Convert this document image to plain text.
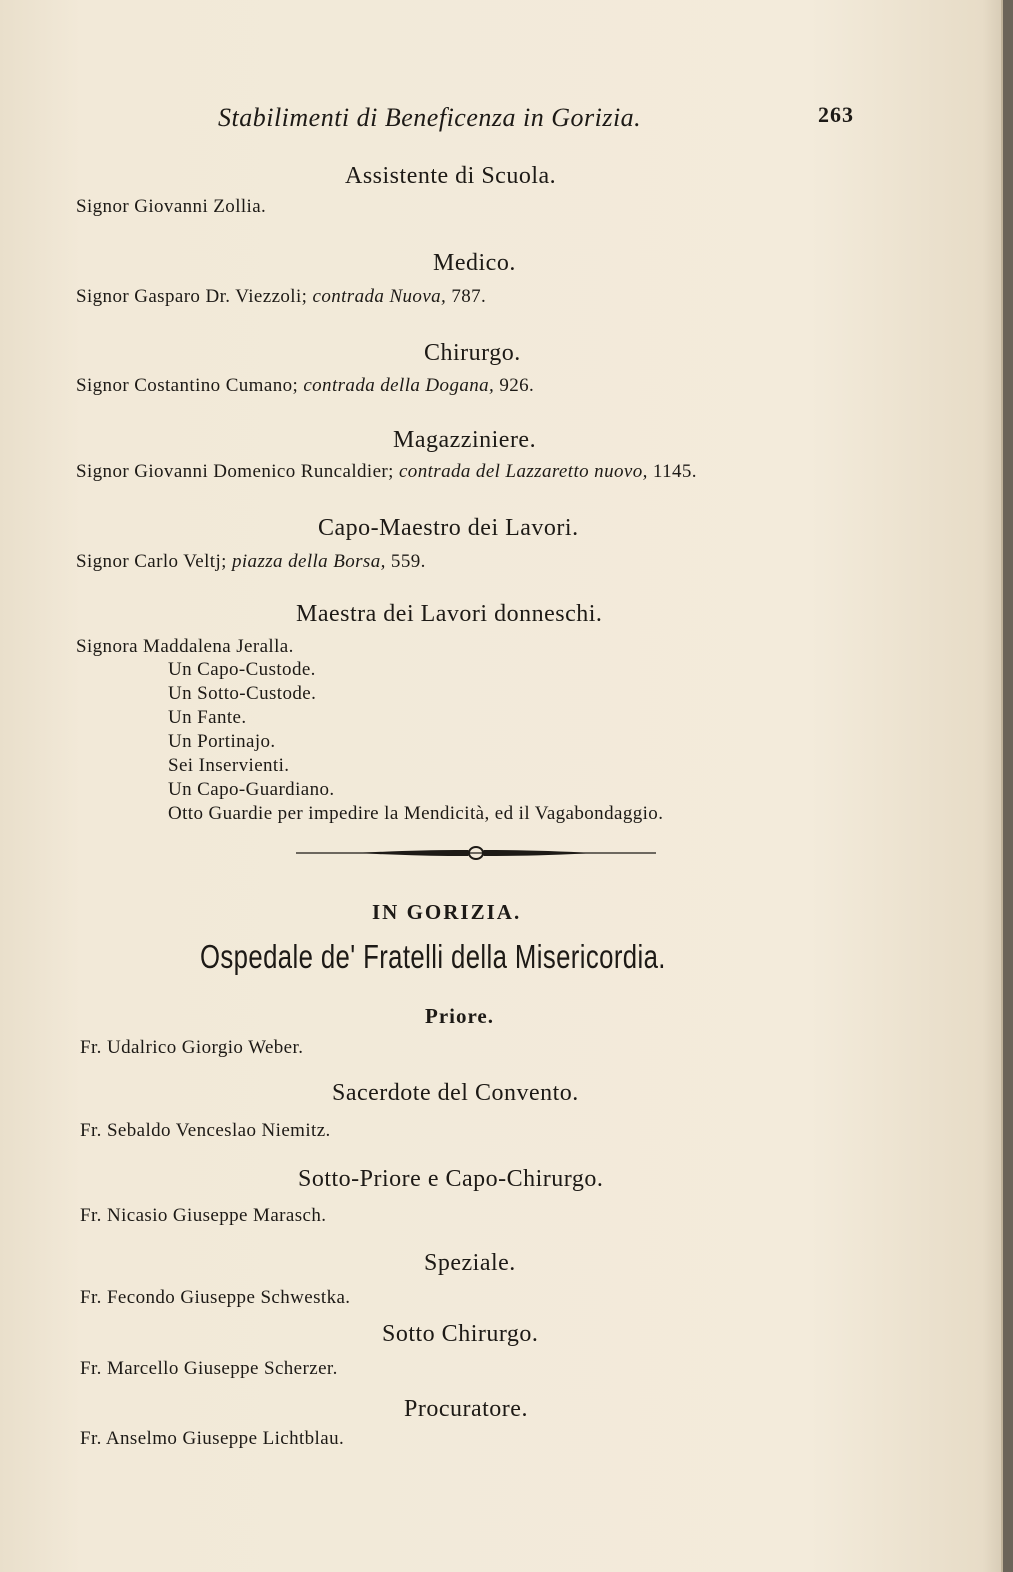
Stabilimenti di Beneficenza in Gorizia.	263
Assistente di Scuola.
Signor Giovanni Zollia.
Medico.
Signor Gasparo Dr. Viezzoli; contrada Nuova, 787.
Chirurgo.
Signor Costantino Cumano; contrada della Dogana, 926.
Magazziniere.
Signor Giovanni Domenico Runcaldier; contrada del Lazzaretto nuovo, 1145.
Capo-Maestro dei Lavori.
Signor Carlo Veltj; piazza della Borsa, 559.
Maestra dei Lavori donneschi.
Signora Maddalena Jeralla.
Un Capo-Custode.
Un Sotto-Custode.
Un Fante.
Un Portinajo.
Sei Inservienti.
Un Capo-Guardiano.
Otto Guardie per impedire la Mendicità, ed il Vagabondaggio.
IN GORIZIA.
Ospedale de' Fratelli della Misericordia.
Priore.
Fr. Udalrico Giorgio Weber.
Sacerdote del Convento.
Fr. Sebaldo Venceslao Niemitz.
Sotto-Priore e Capo-Chirurgo.
Fr. Nicasio Giuseppe Marasch.
Speziale.
Fr. Fecondo Giuseppe Schwestka.
Sotto Chirurgo.
Fr. Marcello Giuseppe Scherzer.
Procuratore.
Fr. Anselmo Giuseppe Lichtblau.
